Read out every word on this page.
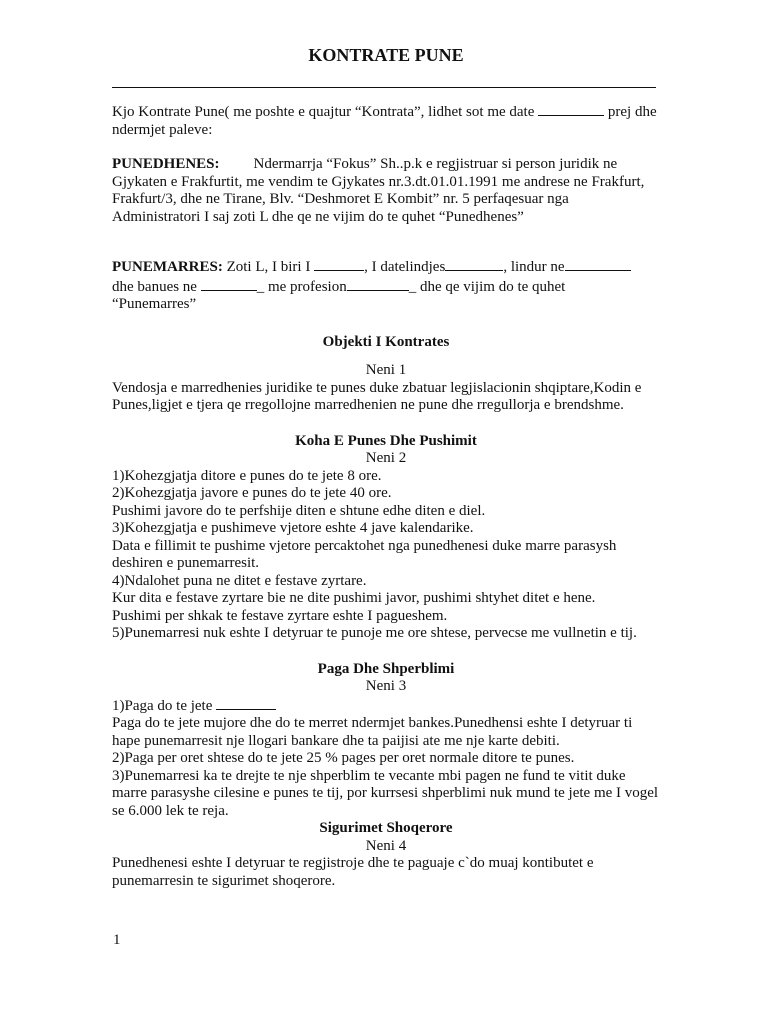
KONTRATE PUNE

Kjo Kontrate Pune( me poshte e quajtur “Kontrata”, lidhet sot me date	prej dhe ndermjet paleve:

PUNEDHENES: Ndermarrja “Fokus” Sh..p.k e regjistruar si person juridik ne Gjykaten e Frakfurtit, me vendim te Gjykates nr.3.dt.01.01.1991 me andrese ne Frakfurt, Frakfurt/3, dhe ne Tirane, Blv. “Deshmoret E Kombit” nr. 5 perfaqesuar nga Administratori I saj zoti L dhe qe ne vijim do te quhet “Punedhenes”

PUNEMARRES: Zoti L, I biri I	, I datelindjes	, lindur ne
dhe banues ne	_ me profesion	_ dhe qe vijim do te quhet
“Punemarres”

Objekti I Kontrates

Neni 1

Vendosja e marredhenies juridike te punes duke zbatuar legjislacionin shqiptare,Kodin e Punes,ligjet e tjera qe rregollojne marredhenien ne pune dhe rregullorja e brendshme.

Koha E Punes Dhe Pushimit

Neni 2

1)Kohezgjatja ditore e punes do te jete 8 ore.

2)Kohezgjatja javore e punes do te jete 40 ore.

Pushimi javore do te perfshije diten e shtune edhe diten e diel.

3)Kohezgjatja e pushimeve vjetore eshte 4 jave kalendarike.

Data e fillimit te pushime vjetore percaktohet nga punedhenesi duke marre parasysh deshiren e punemarresit.

4)Ndalohet puna ne ditet e festave zyrtare.

Kur dita e festave zyrtare bie ne dite pushimi javor, pushimi shtyhet ditet e hene.

Pushimi per shkak te festave zyrtare eshte I pagueshem.

5)Punemarresi nuk eshte I detyruar te punoje me ore shtese, pervecse me vullnetin e tij.

Paga Dhe Shperblimi

Neni 3

1)Paga do te jete

Paga do te jete mujore dhe do te merret ndermjet bankes.Punedhensi eshte I detyruar ti hape punemarresit nje llogari bankare dhe ta paijisi ate me nje karte debiti.

2)Paga per oret shtese do te jete 25 % pages per oret normale ditore te punes.

3)Punemarresi ka te drejte te nje shperblim te vecante mbi pagen ne fund te vitit duke marre parasyshe cilesine e punes te tij, por kurrsesi shperblimi nuk mund te jete me I vogel se 6.000 lek te reja.

Sigurimet Shoqerore

Neni 4

Punedhenesi eshte I detyruar te regjistroje dhe te paguaje c`do muaj kontibutet e punemarresin te sigurimet shoqerore.

1
